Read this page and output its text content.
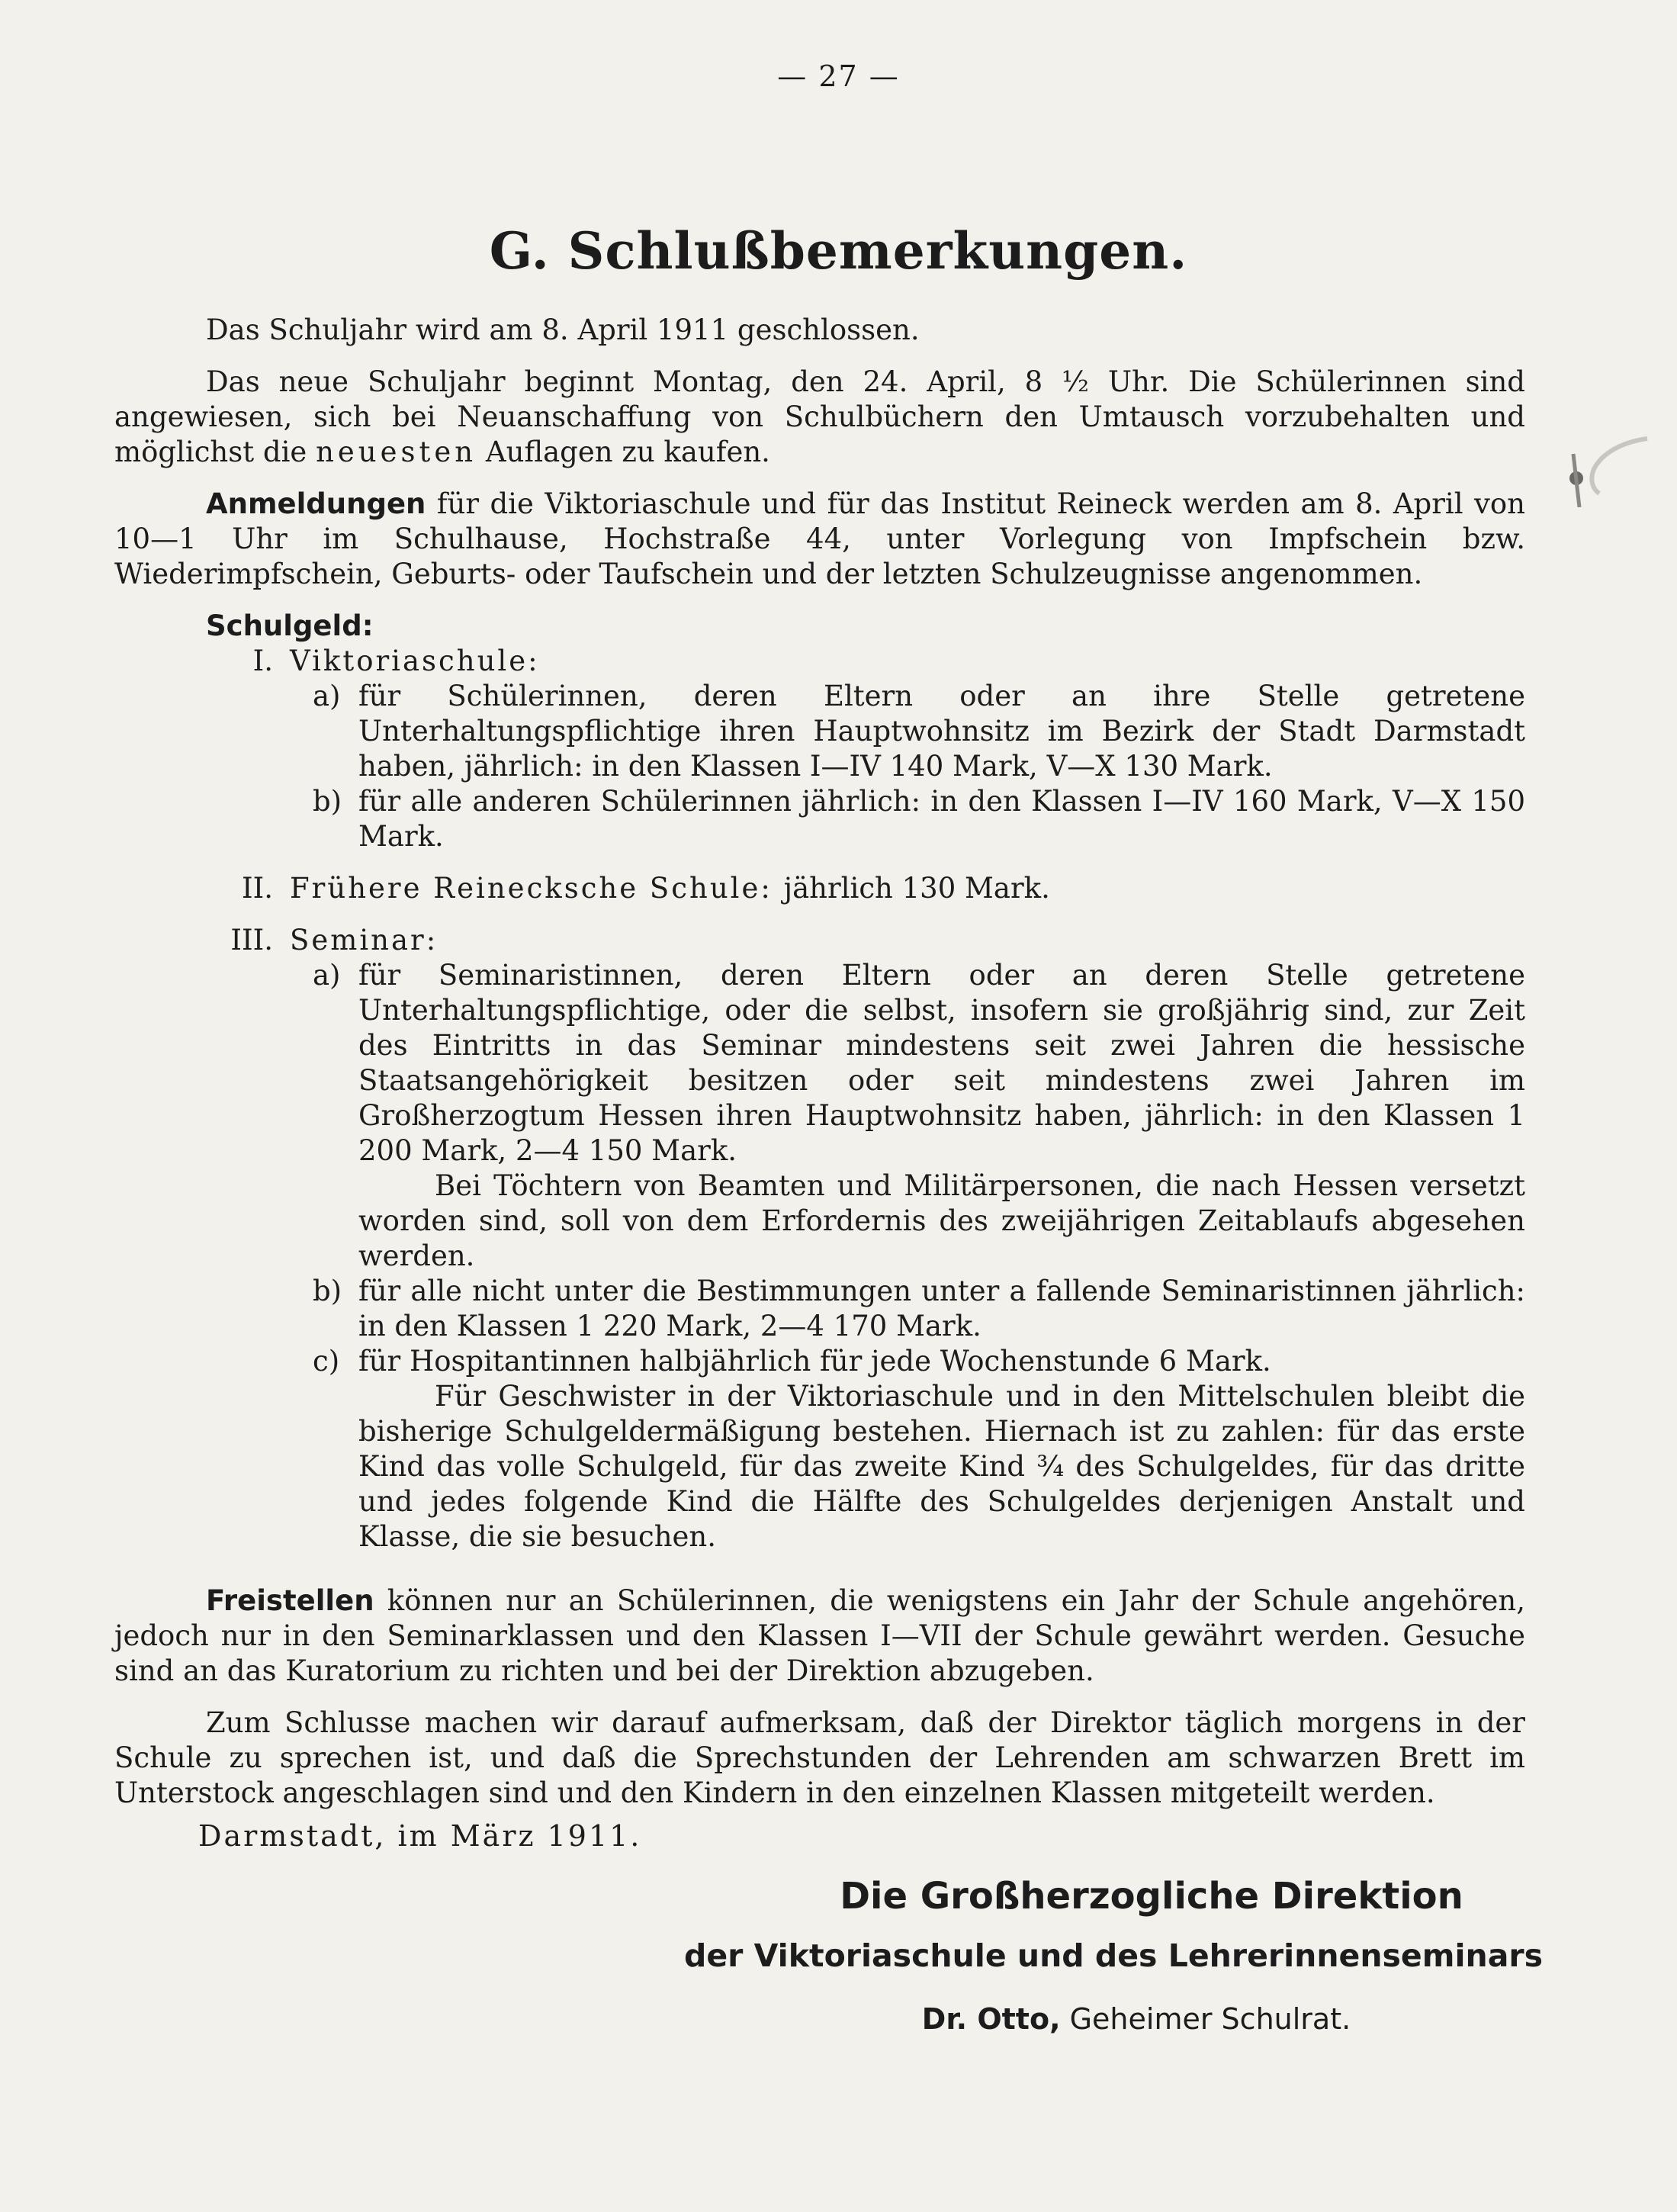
— 27 —
G. Schlußbemerkungen.

Das Schuljahr wird am 8. April 1911 geschlossen.

Das neue Schuljahr beginnt Montag, den 24. April, 8 ½ Uhr. Die Schülerinnen sind angewiesen, sich bei Neuanschaffung von Schulbüchern den Umtausch vorzubehalten und möglichst die neuesten Auflagen zu kaufen.

Anmeldungen für die Viktoriaschule und für das Institut Reineck werden am 8. April von 10—1 Uhr im Schulhause, Hochstraße 44, unter Vorlegung von Impfschein bzw. Wiederimpfschein, Geburts- oder Taufschein und der letzten Schulzeugnisse angenommen.

Schulgeld:
I. Viktoriaschule:
a) für Schülerinnen, deren Eltern oder an ihre Stelle getretene Unterhaltungspflichtige ihren Hauptwohnsitz im Bezirk der Stadt Darmstadt haben, jährlich: in den Klassen I—IV 140 Mark, V—X 130 Mark.
b) für alle anderen Schülerinnen jährlich: in den Klassen I—IV 160 Mark, V—X 150 Mark.
II. Frühere Reinecksche Schule: jährlich 130 Mark.
III. Seminar:
a) für Seminaristinnen, deren Eltern oder an deren Stelle getretene Unterhaltungspflichtige, oder die selbst, insofern sie großjährig sind, zur Zeit des Eintritts in das Seminar mindestens seit zwei Jahren die hessische Staatsangehörigkeit besitzen oder seit mindestens zwei Jahren im Großherzogtum Hessen ihren Hauptwohnsitz haben, jährlich: in den Klassen 1 200 Mark, 2—4 150 Mark.
Bei Töchtern von Beamten und Militärpersonen, die nach Hessen versetzt worden sind, soll von dem Erfordernis des zweijährigen Zeitablaufs abgesehen werden.
b) für alle nicht unter die Bestimmungen unter a fallende Seminaristinnen jährlich: in den Klassen 1 220 Mark, 2—4 170 Mark.
c) für Hospitantinnen halbjährlich für jede Wochenstunde 6 Mark.
Für Geschwister in der Viktoriaschule und in den Mittelschulen bleibt die bisherige Schulgeldermäßigung bestehen. Hiernach ist zu zahlen: für das erste Kind das volle Schulgeld, für das zweite Kind ¾ des Schulgeldes, für das dritte und jedes folgende Kind die Hälfte des Schulgeldes derjenigen Anstalt und Klasse, die sie besuchen.

Freistellen können nur an Schülerinnen, die wenigstens ein Jahr der Schule angehören, jedoch nur in den Seminarklassen und den Klassen I—VII der Schule gewährt werden. Gesuche sind an das Kuratorium zu richten und bei der Direktion abzugeben.

Zum Schlusse machen wir darauf aufmerksam, daß der Direktor täglich morgens in der Schule zu sprechen ist, und daß die Sprechstunden der Lehrenden am schwarzen Brett im Unterstock angeschlagen sind und den Kindern in den einzelnen Klassen mitgeteilt werden.

Darmstadt, im März 1911.
Die Großherzogliche Direktion
der Viktoriaschule und des Lehrerinnenseminars
Dr. Otto, Geheimer Schulrat.
